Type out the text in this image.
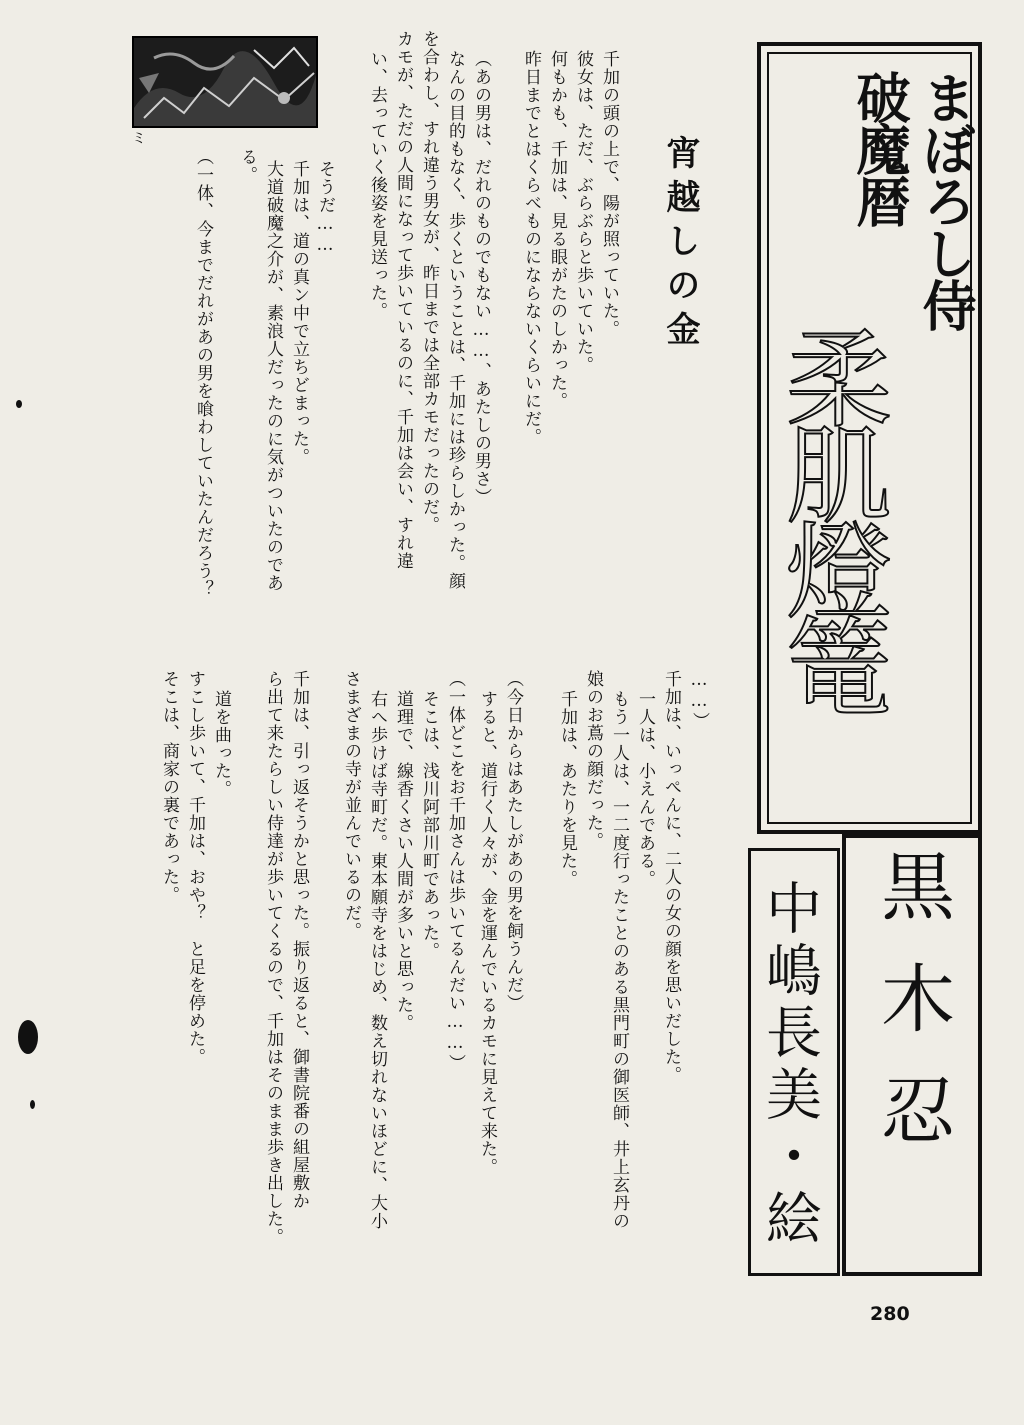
ミ	まぼろし侍
破魔暦
柔肌燈篭
黒木忍
中嶋長美・絵
宵越しの金
千加の頭の上で、陽が照っていた。
彼女は、ただ、ぶらぶらと歩いていた。
何もかも、千加は、見る眼がたのしかった。
昨日までとはくらべものにならないくらいにだ。
（あの男は、だれのものでもない……、あたしの男さ）
なんの目的もなく、歩くということは、千加には珍らしかった。顔
を合わし、すれ違う男女が、昨日までは全部カモだったのだ。
カモが、ただの人間になって歩いているのに、千加は会い、すれ違
い、去っていく後姿を見送った。
そうだ……
千加は、道の真ン中で立ちどまった。
大道破魔之介が、素浪人だったのに気がついたのであ
る。
（一体、今までだれがあの男を喰わしていたんだろう？
……）
千加は、いっぺんに、二人の女の顔を思いだした。
一人は、小えんである。
もう一人は、一二度行ったことのある黒門町の御医師、井上玄丹の
娘のお蔦の顔だった。
千加は、あたりを見た。
（今日からはあたしがあの男を飼うんだ）
すると、道行く人々が、金を運んでいるカモに見えて来た。
（一体どこをお千加さんは歩いてるんだい……）
そこは、浅川阿部川町であった。
道理で、線香くさい人間が多いと思った。
右へ歩けば寺町だ。東本願寺をはじめ、数え切れないほどに、大小
さまざまの寺が並んでいるのだ。
千加は、引っ返そうかと思った。振り返ると、御書院番の組屋敷か
ら出て来たらしい侍達が歩いてくるので、千加はそのまま歩き出した。
道を曲った。
すこし歩いて、千加は、おや？　と足を停めた。
そこは、商家の裏であった。
280
